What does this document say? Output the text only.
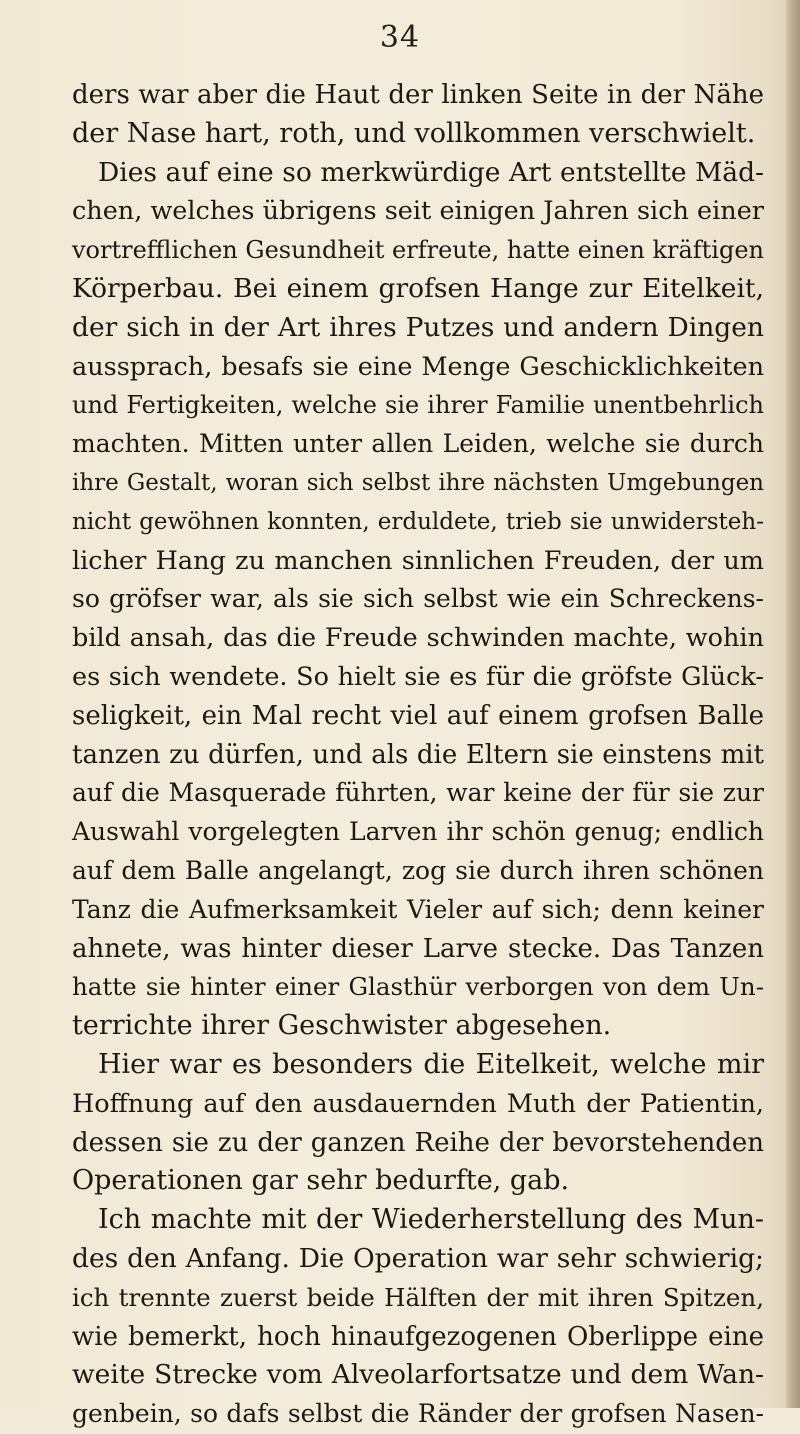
34
ders war aber die Haut der linken Seite in der Nähe
der Nase hart, roth, und vollkommen verschwielt.
Dies auf eine so merkwürdige Art entstellte Mäd-
chen, welches übrigens seit einigen Jahren sich einer
vortrefflichen Gesundheit erfreute, hatte einen kräftigen
Körperbau. Bei einem grofsen Hange zur Eitelkeit,
der sich in der Art ihres Putzes und andern Dingen
aussprach, besafs sie eine Menge Geschicklichkeiten
und Fertigkeiten, welche sie ihrer Familie unentbehrlich
machten. Mitten unter allen Leiden, welche sie durch
ihre Gestalt, woran sich selbst ihre nächsten Umgebungen
nicht gewöhnen konnten, erduldete, trieb sie unwidersteh-
licher Hang zu manchen sinnlichen Freuden, der um
so gröfser war, als sie sich selbst wie ein Schreckens-
bild ansah, das die Freude schwinden machte, wohin
es sich wendete. So hielt sie es für die gröfste Glück-
seligkeit, ein Mal recht viel auf einem grofsen Balle
tanzen zu dürfen, und als die Eltern sie einstens mit
auf die Masquerade führten, war keine der für sie zur
Auswahl vorgelegten Larven ihr schön genug; endlich
auf dem Balle angelangt, zog sie durch ihren schönen
Tanz die Aufmerksamkeit Vieler auf sich; denn keiner
ahnete, was hinter dieser Larve stecke. Das Tanzen
hatte sie hinter einer Glasthür verborgen von dem Un-
terrichte ihrer Geschwister abgesehen.
Hier war es besonders die Eitelkeit, welche mir
Hoffnung auf den ausdauernden Muth der Patientin,
dessen sie zu der ganzen Reihe der bevorstehenden
Operationen gar sehr bedurfte, gab.
Ich machte mit der Wiederherstellung des Mun-
des den Anfang. Die Operation war sehr schwierig;
ich trennte zuerst beide Hälften der mit ihren Spitzen,
wie bemerkt, hoch hinaufgezogenen Oberlippe eine
weite Strecke vom Alveolarfortsatze und dem Wan-
genbein, so dafs selbst die Ränder der grofsen Nasen-
